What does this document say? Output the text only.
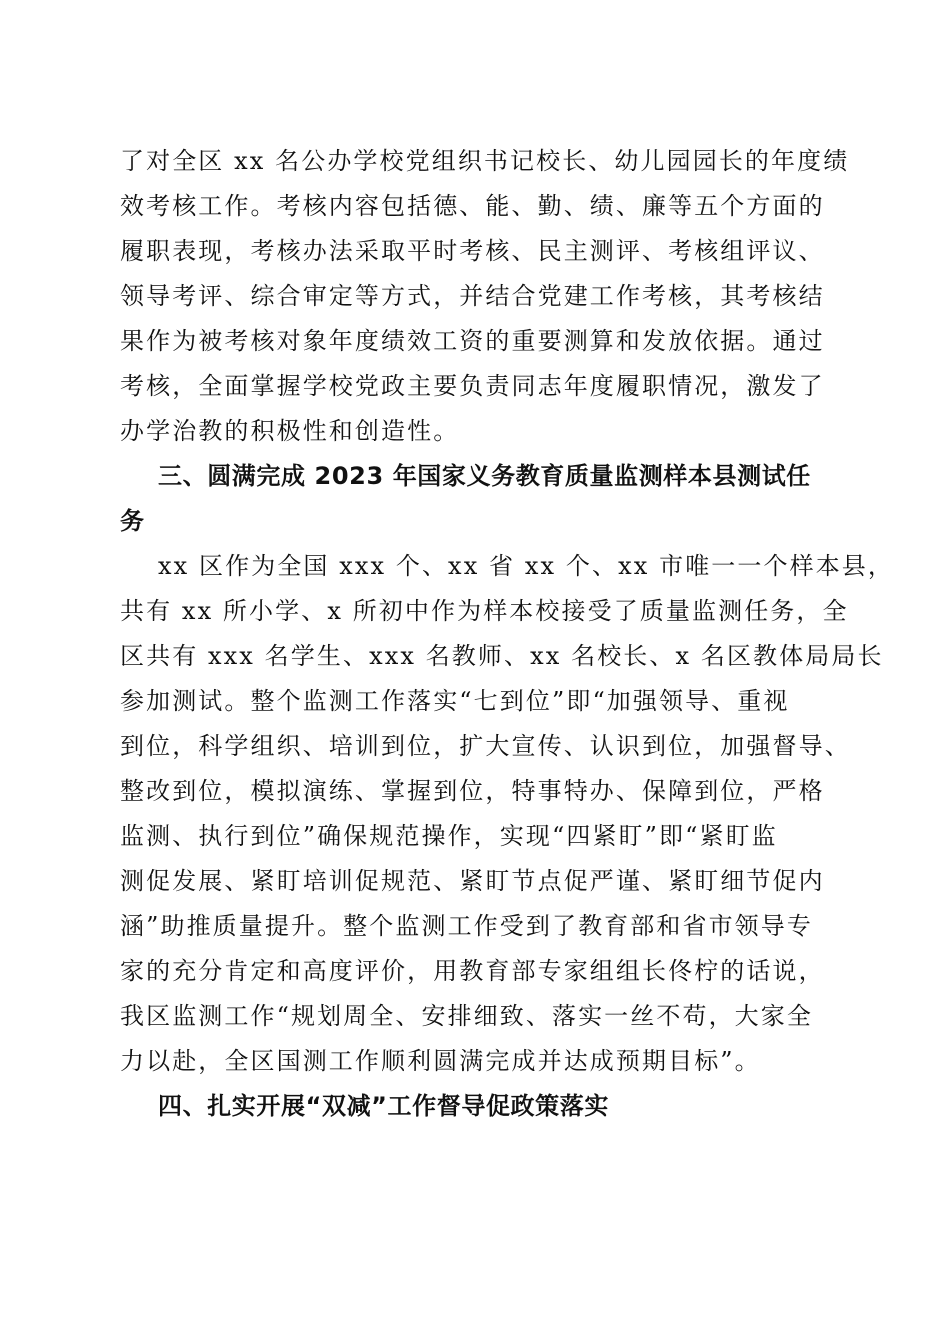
了对全区 xx 名公办学校党组织书记校长、幼儿园园长的年度绩
效考核工作。考核内容包括德、能、勤、绩、廉等五个方面的
履职表现，考核办法采取平时考核、民主测评、考核组评议、
领导考评、综合审定等方式，并结合党建工作考核，其考核结
果作为被考核对象年度绩效工资的重要测算和发放依据。通过
考核，全面掌握学校党政主要负责同志年度履职情况，激发了
办学治教的积极性和创造性。
三、圆满完成 2023 年国家义务教育质量监测样本县测试任
务
xx 区作为全国 xxx 个、xx 省 xx 个、xx 市唯一一个样本县，
共有 xx 所小学、x 所初中作为样本校接受了质量监测任务，全
区共有 xxx 名学生、xxx 名教师、xx 名校长、x 名区教体局局长
参加测试。整个监测工作落实“七到位”即“加强领导、重视
到位，科学组织、培训到位，扩大宣传、认识到位，加强督导、
整改到位，模拟演练、掌握到位，特事特办、保障到位，严格
监测、执行到位”确保规范操作，实现“四紧盯”即“紧盯监
测促发展、紧盯培训促规范、紧盯节点促严谨、紧盯细节促内
涵”助推质量提升。整个监测工作受到了教育部和省市领导专
家的充分肯定和高度评价，用教育部专家组组长佟柠的话说，
我区监测工作“规划周全、安排细致、落实一丝不苟，大家全
力以赴，全区国测工作顺利圆满完成并达成预期目标”。
四、扎实开展“双减”工作督导促政策落实
